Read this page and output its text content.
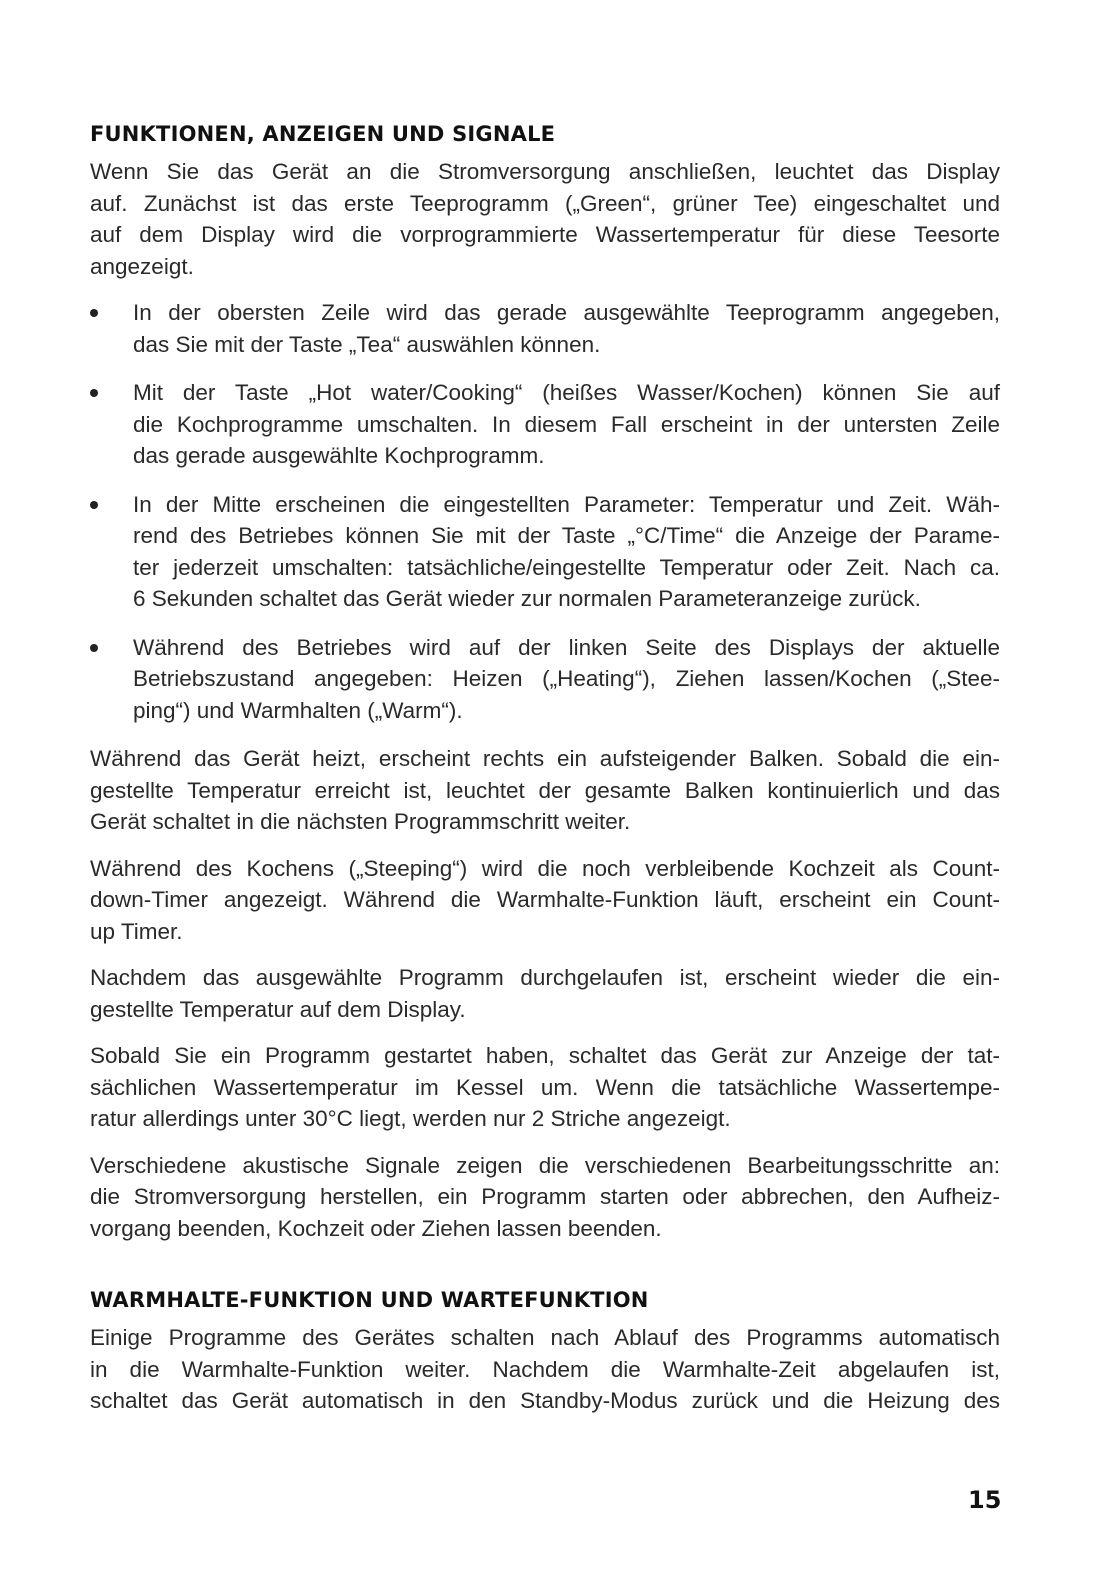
FUNKTIONEN, ANZEIGEN UND SIGNALE
Wenn Sie das Gerät an die Stromversorgung anschließen, leuchtet das Display
auf. Zunächst ist das erste Teeprogramm („Green“, grüner Tee) eingeschaltet und
auf dem Display wird die vorprogrammierte Wassertemperatur für diese Teesorte
angezeigt.
In der obersten Zeile wird das gerade ausgewählte Teeprogramm angegeben,
das Sie mit der Taste „Tea“ auswählen können.
Mit der Taste „Hot water/Cooking“ (heißes Wasser/Kochen) können Sie auf
die Kochprogramme umschalten. In diesem Fall erscheint in der untersten Zeile
das gerade ausgewählte Kochprogramm.
In der Mitte erscheinen die eingestellten Parameter: Temperatur und Zeit. Wäh-
rend des Betriebes können Sie mit der Taste „°C/Time“ die Anzeige der Parame-
ter jederzeit umschalten: tatsächliche/eingestellte Temperatur oder Zeit. Nach ca.
6 Sekunden schaltet das Gerät wieder zur normalen Parameteranzeige zurück.
Während des Betriebes wird auf der linken Seite des Displays der aktuelle
Betriebszustand angegeben: Heizen („Heating“), Ziehen lassen/Kochen („Stee-
ping“) und Warmhalten („Warm“).
Während das Gerät heizt, erscheint rechts ein aufsteigender Balken. Sobald die ein-
gestellte Temperatur erreicht ist, leuchtet der gesamte Balken kontinuierlich und das
Gerät schaltet in die nächsten Programmschritt weiter.
Während des Kochens („Steeping“) wird die noch verbleibende Kochzeit als Count-
down-Timer angezeigt. Während die Warmhalte-Funktion läuft, erscheint ein Count-
up Timer.
Nachdem das ausgewählte Programm durchgelaufen ist, erscheint wieder die ein-
gestellte Temperatur auf dem Display.
Sobald Sie ein Programm gestartet haben, schaltet das Gerät zur Anzeige der tat-
sächlichen Wassertemperatur im Kessel um. Wenn die tatsächliche Wassertempe-
ratur allerdings unter 30°C liegt, werden nur 2 Striche angezeigt.
Verschiedene akustische Signale zeigen die verschiedenen Bearbeitungsschritte an:
die Stromversorgung herstellen, ein Programm starten oder abbrechen, den Aufheiz-
vorgang beenden, Kochzeit oder Ziehen lassen beenden.
WARMHALTE-FUNKTION UND WARTEFUNKTION
Einige Programme des Gerätes schalten nach Ablauf des Programms automatisch
in die Warmhalte-Funktion weiter. Nachdem die Warmhalte-Zeit abgelaufen ist,
schaltet das Gerät automatisch in den Standby-Modus zurück und die Heizung des
15
